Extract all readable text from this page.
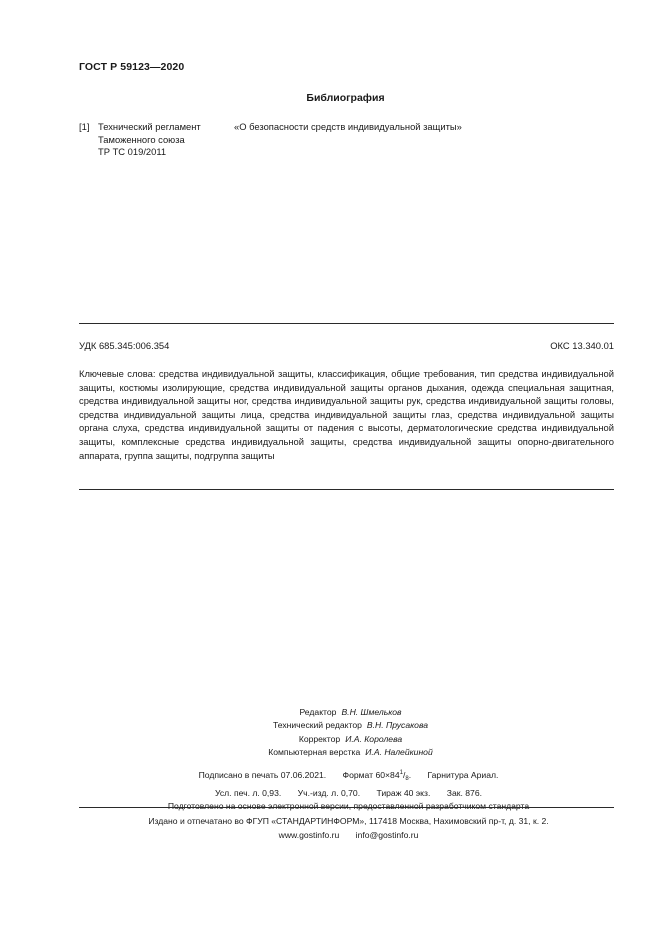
ГОСТ Р 59123—2020
Библиография
[1] Технический регламент
Таможенного союза
ТР ТС 019/2011
«О безопасности средств индивидуальной защиты»
УДК 685.345:006.354	ОКС 13.340.01
Ключевые слова: средства индивидуальной защиты, классификация, общие требования, тип средства индивидуальной защиты, костюмы изолирующие, средства индивидуальной защиты органов дыхания, одежда специальная защитная, средства индивидуальной защиты ног, средства индивидуальной защиты рук, средства индивидуальной защиты головы, средства индивидуальной защиты лица, средства индивидуальной защиты глаз, средства индивидуальной защиты органа слуха, средства индивидуальной защиты от падения с высоты, дерматологические средства индивидуальной защиты, комплексные средства индивидуальной защиты, средства индивидуальной защиты опорно-двигательного аппарата, группа защиты, подгруппа защиты
Редактор В.Н. Шмельков
Технический редактор В.Н. Прусакова
Корректор И.А. Королева
Компьютерная верстка И.А. Налейкиной
Подписано в печать 07.06.2021. Формат $60\times 84^1/_8$. Гарнитура Ариал.
Усл. печ. л. 0,93. Уч.-изд. л. 0,70. Тираж 40 экз. Зак. 876.
Подготовлено на основе электронной версии, предоставленной разработчиком стандарта
Издано и отпечатано во ФГУП «СТАНДАРТИНФОРМ», 117418 Москва, Нахимовский пр-т, д. 31, к. 2.
www.gostinfo.ru info@gostinfo.ru
